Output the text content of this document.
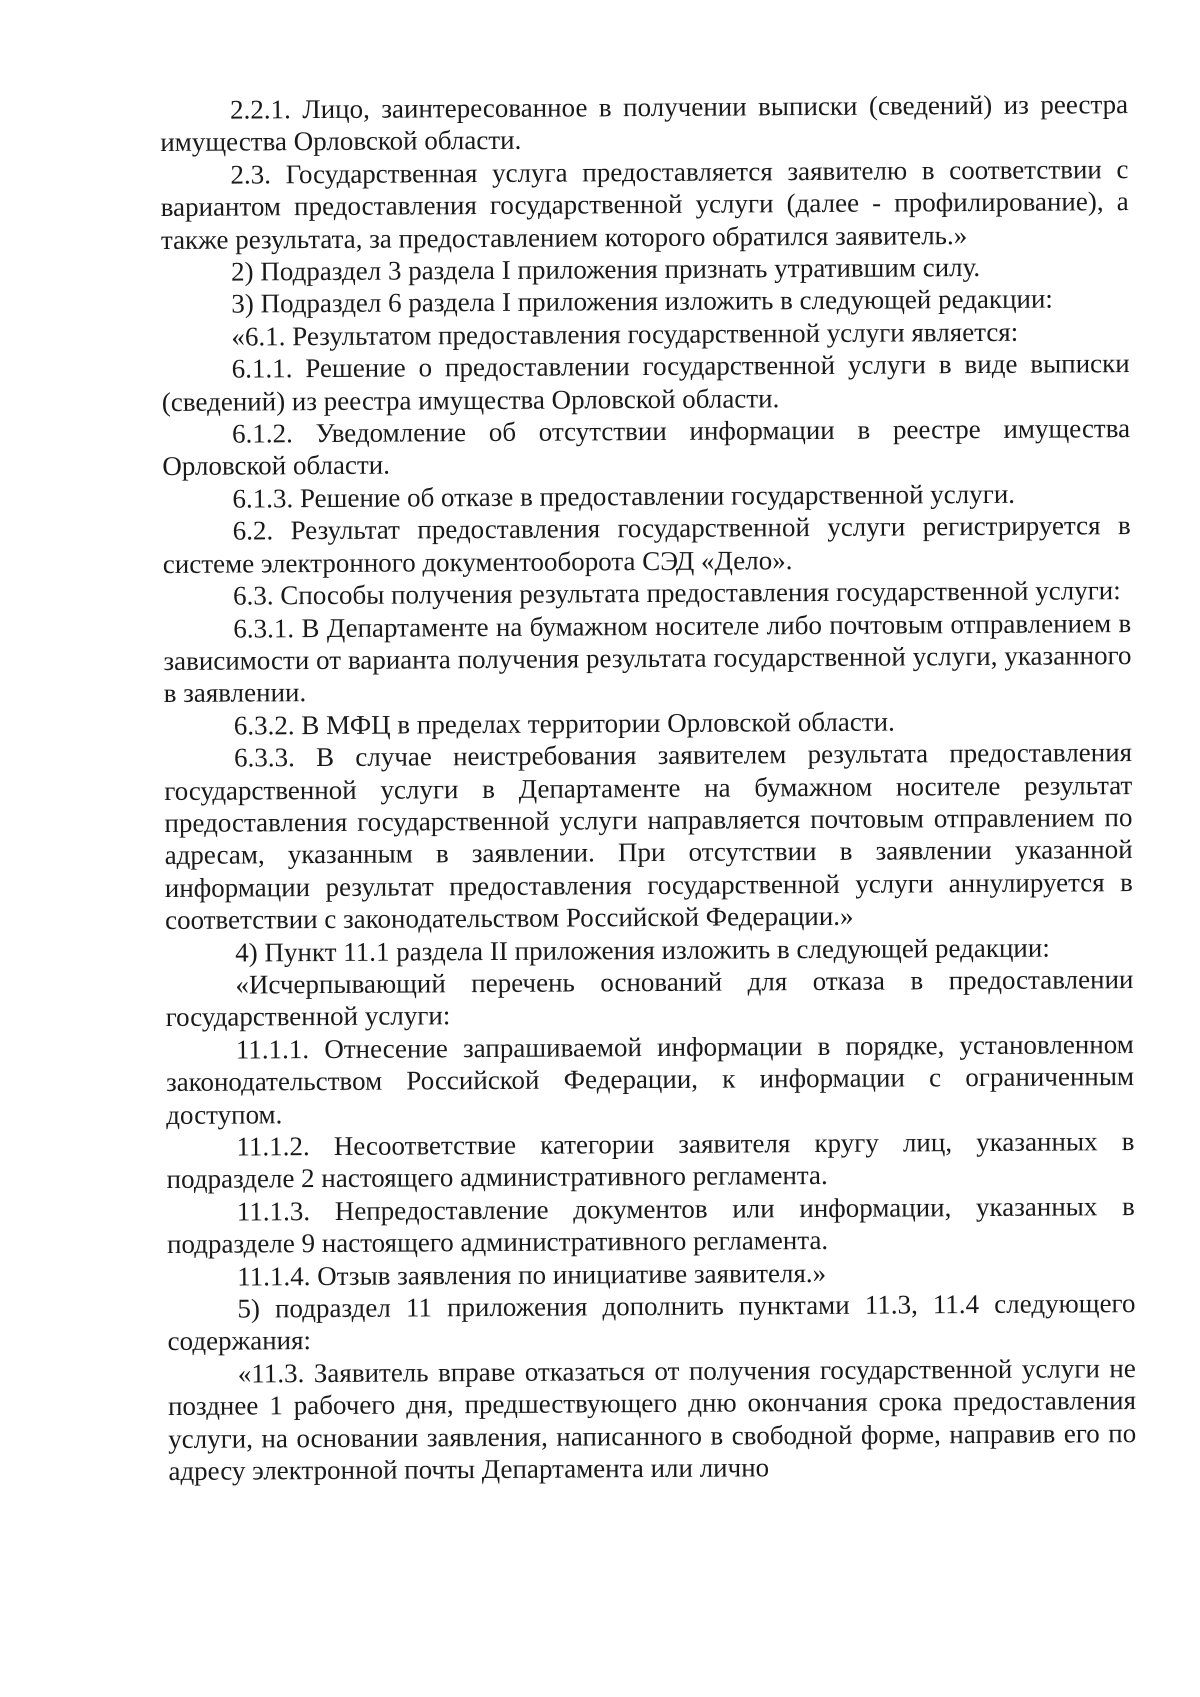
2.2.1. Лицо, заинтересованное в получении выписки (сведений) из реестра имущества Орловской области.

2.3. Государственная услуга предоставляется заявителю в соответствии с вариантом предоставления государственной услуги (далее - профилирование), а также результата, за предоставлением которого обратился заявитель.»

2) Подраздел 3 раздела I приложения признать утратившим силу.

3) Подраздел 6 раздела I приложения изложить в следующей редакции:

«6.1. Результатом предоставления государственной услуги является:

6.1.1. Решение о предоставлении государственной услуги в виде выписки (сведений) из реестра имущества Орловской области.

6.1.2. Уведомление об отсутствии информации в реестре имущества Орловской области.

6.1.3. Решение об отказе в предоставлении государственной услуги.

6.2. Результат предоставления государственной услуги регистрируется в системе электронного документооборота СЭД «Дело».

6.3. Способы получения результата предоставления государственной услуги:

6.3.1. В Департаменте на бумажном носителе либо почтовым отправлением в зависимости от варианта получения результата государственной услуги, указанного в заявлении.

6.3.2. В МФЦ в пределах территории Орловской области.

6.3.3. В случае неистребования заявителем результата предоставления государственной услуги в Департаменте на бумажном носителе результат предоставления государственной услуги направляется почтовым отправлением по адресам, указанным в заявлении. При отсутствии в заявлении указанной информации результат предоставления государственной услуги аннулируется в соответствии с законодательством Российской Федерации.»

4) Пункт 11.1 раздела II приложения изложить в следующей редакции:

«Исчерпывающий перечень оснований для отказа в предоставлении государственной услуги:

11.1.1. Отнесение запрашиваемой информации в порядке, установленном законодательством Российской Федерации, к информации с ограниченным доступом.

11.1.2. Несоответствие категории заявителя кругу лиц, указанных в подразделе 2 настоящего административного регламента.

11.1.3. Непредоставление документов или информации, указанных в подразделе 9 настоящего административного регламента.

11.1.4. Отзыв заявления по инициативе заявителя.»

5) подраздел 11 приложения дополнить пунктами 11.3, 11.4 следующего содержания:

«11.3. Заявитель вправе отказаться от получения государственной услуги не позднее 1 рабочего дня, предшествующего дню окончания срока предоставления услуги, на основании заявления, написанного в свободной форме, направив его по адресу электронной почты Департамента или лично
